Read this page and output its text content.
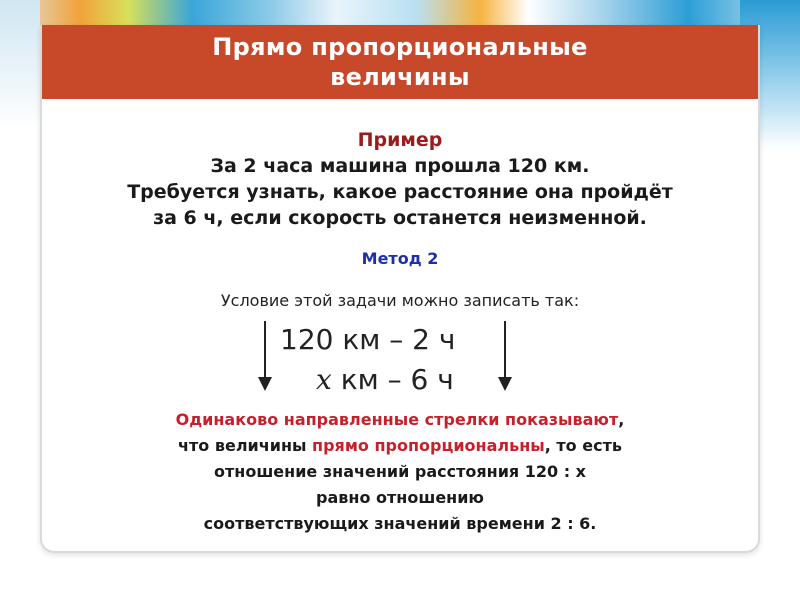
Прямо пропорциональные
величины
Пример
За 2 часа машина прошла 120 км.
Требуется узнать, какое расстояние она пройдёт
за 6 ч, если скорость останется неизменной.
Метод 2
Условие этой задачи можно записать так:
120 км – 2 ч
x км – 6 ч
Одинаково направленные стрелки показывают,
что величины прямо пропорциональны, то есть
отношение значений расстояния 120 : x
равно отношению
соответствующих значений времени 2 : 6.
